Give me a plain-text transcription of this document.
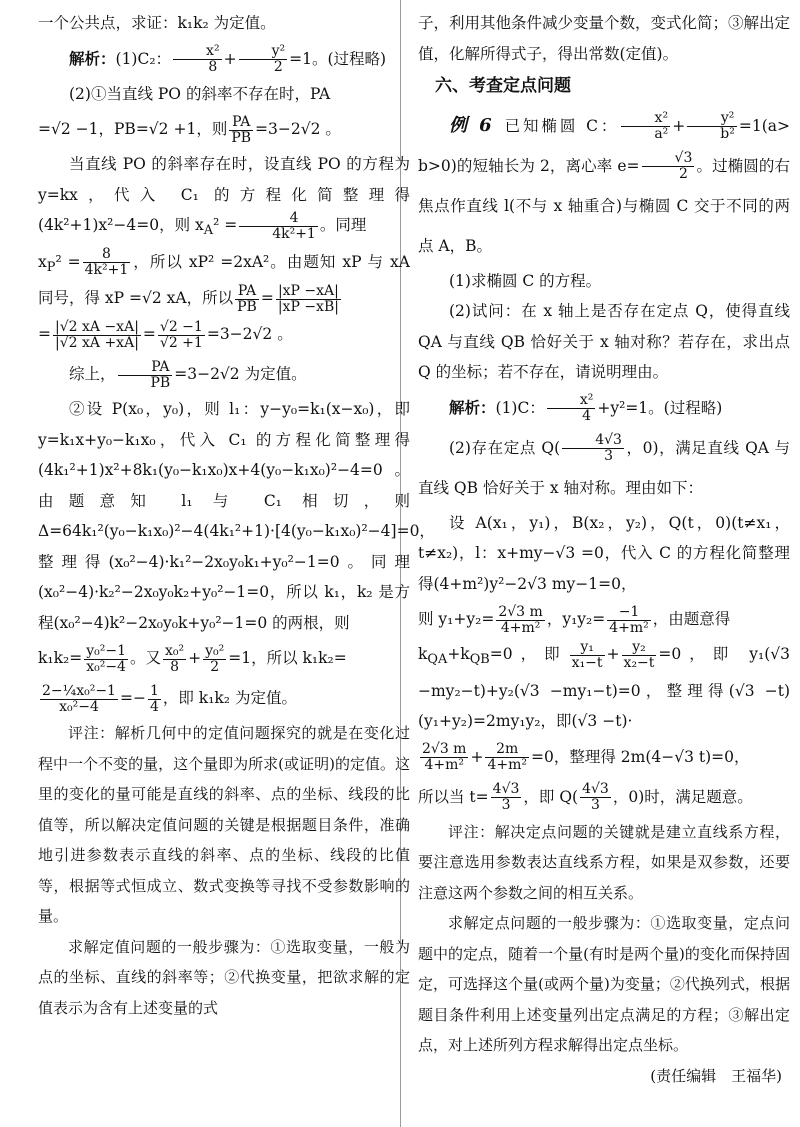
一个公共点，求证：k₁k₂ 为定值。

解析：(1)C₂： $\frac{\text{x²}}{8} + \frac{\text{y²}}{2} =1$。(过程略)

(2)①当直线 PO 的斜率不存在时，PA

=√2 −1，PB=√2 +1，则 $\frac{PA}{PB} =3-2√2$ 。

当直线 PO 的斜率存在时，设直线 PO 的方程为 y=kx，代入 C₁ 的方程化简整理得 (4k²+1)x²−4=0，则 $x_A^2 = \frac{4}{\text{4k²+1}}$ 。同理

$x_P^2 = \frac{8}{\text{4k²+1}}$ ，所以 xP² =2xA²。由题知 xP 与 xA 同号，得 xP =√2 xA，所以 $\frac{PA}{PB} = \frac{|xP -xA|}{|xP -xB|}$

= $\frac{|√2 xA -xA|}{|√2 xA +xA|} = \frac{√2 -1}{√2 +1} =3-2√2$ 。

综上， $\frac{PA}{PB} =3-2√2$ 为定值。

②设 P(x₀，y₀)，则 l₁：y−y₀=k₁(x−x₀)，即 y=k₁x+y₀−k₁x₀，代入 C₁ 的方程化简整理得(4k₁²+1)x²+8k₁(y₀−k₁x₀)x+4(y₀−k₁x₀)²−4=0。由题意知 l₁ 与 C₁ 相切，则 Δ=64k₁²(y₀−k₁x₀)²−4(4k₁²+1)·[4(y₀−k₁x₀)²−4]=0，整理得(x₀²−4)·k₁²−2x₀y₀k₁+y₀²−1=0。同理(x₀²−4)·k₂²−2x₀y₀k₂+y₀²−1=0，所以 k₁，k₂ 是方程(x₀²−4)k²−2x₀y₀k+y₀²−1=0 的两根，则

$k_1k_2= \frac{\text{y₀²−1}}{\text{x₀²−4}}$ 。又 $\frac{\text{x₀²}}{8} + \frac{\text{y₀²}}{2} =1$，所以 k₁k₂=

$\frac{\text{2−¼x₀²−1}}{\text{x₀²−4}} =- \frac{1}{4}$ ，即 k₁k₂ 为定值。

评注：解析几何中的定值问题探究的就是在变化过程中一个不变的量，这个量即为所求(或证明)的定值。这里的变化的量可能是直线的斜率、点的坐标、线段的比值等，所以解决定值问题的关键是根据题目条件，准确地引进参数表示直线的斜率、点的坐标、线段的比值等，根据等式恒成立、数式变换等寻找不受参数影响的量。

求解定值问题的一般步骤为：①选取变量，一般为点的坐标、直线的斜率等；②代换变量，把欲求解的定值表示为含有上述变量的式

子，利用其他条件减少变量个数，变式化简；③解出定值，化解所得式子，得出常数(定值)。

六、考查定点问题

例 6 已知椭圆 C： $\frac{\text{x²}}{\text{a²}} + \frac{\text{y²}}{\text{b²}} =1(a> b>0)$的短轴长为 2，离心率 $e= \frac{√3}{2}$ 。过椭圆的右焦点作直线 l(不与 x 轴重合)与椭圆 C 交于不同的两点 A，B。

(1)求椭圆 C 的方程。

(2)试问：在 x 轴上是否存在定点 Q，使得直线 QA 与直线 QB 恰好关于 x 轴对称？若存在，求出点 Q 的坐标；若不存在，请说明理由。

解析：(1)C： $\frac{\text{x²}}{4} +y^2=1$。(过程略)

(2)存在定点 $Q( \frac{4√3}{3}$ ，0)，满足直线 QA 与直线 QB 恰好关于 x 轴对称。理由如下：

设 A(x₁，y₁)，B(x₂，y₂)，Q(t，0)(t≠x₁，t≠x₂)，l：x+my−√3 =0，代入 C 的方程化简整理得(4+m²)y²−2√3 my−1=0，

则 $y_1+y_2= \frac{2√3 m}{\text{4+m²}}$ ，$y_1y_2= \frac{-1}{\text{4+m²}}$ ，由题意得

$k_{QA}+k_{QB}=0$，即 $\frac{\text{y₁}}{\text{x₁−t}} + \frac{\text{y₂}}{\text{x₂−t}} =0$，即 y₁(√3 −my₂−t)+y₂(√3 −my₁−t)=0，整理得(√3 −t)(y₁+y₂)=2my₁y₂，即(√3 −t)·

$\frac{2√3 m}{\text{4+m²}} + \frac{2m}{\text{4+m²}} =0$，整理得 2m(4−√3 t)=0，

所以当 $t= \frac{4√3}{3}$ ，即 $Q( \frac{4√3}{3}$ ，0)时，满足题意。

评注：解决定点问题的关键就是建立直线系方程，要注意选用参数表达直线系方程，如果是双参数，还要注意这两个参数之间的相互关系。

求解定点问题的一般步骤为：①选取变量，定点问题中的定点，随着一个量(有时是两个量)的变化而保持固定，可选择这个量(或两个量)为变量；②代换列式，根据题目条件利用上述变量列出定点满足的方程；③解出定点，对上述所列方程求解得出定点坐标。

(责任编辑　王福华)
